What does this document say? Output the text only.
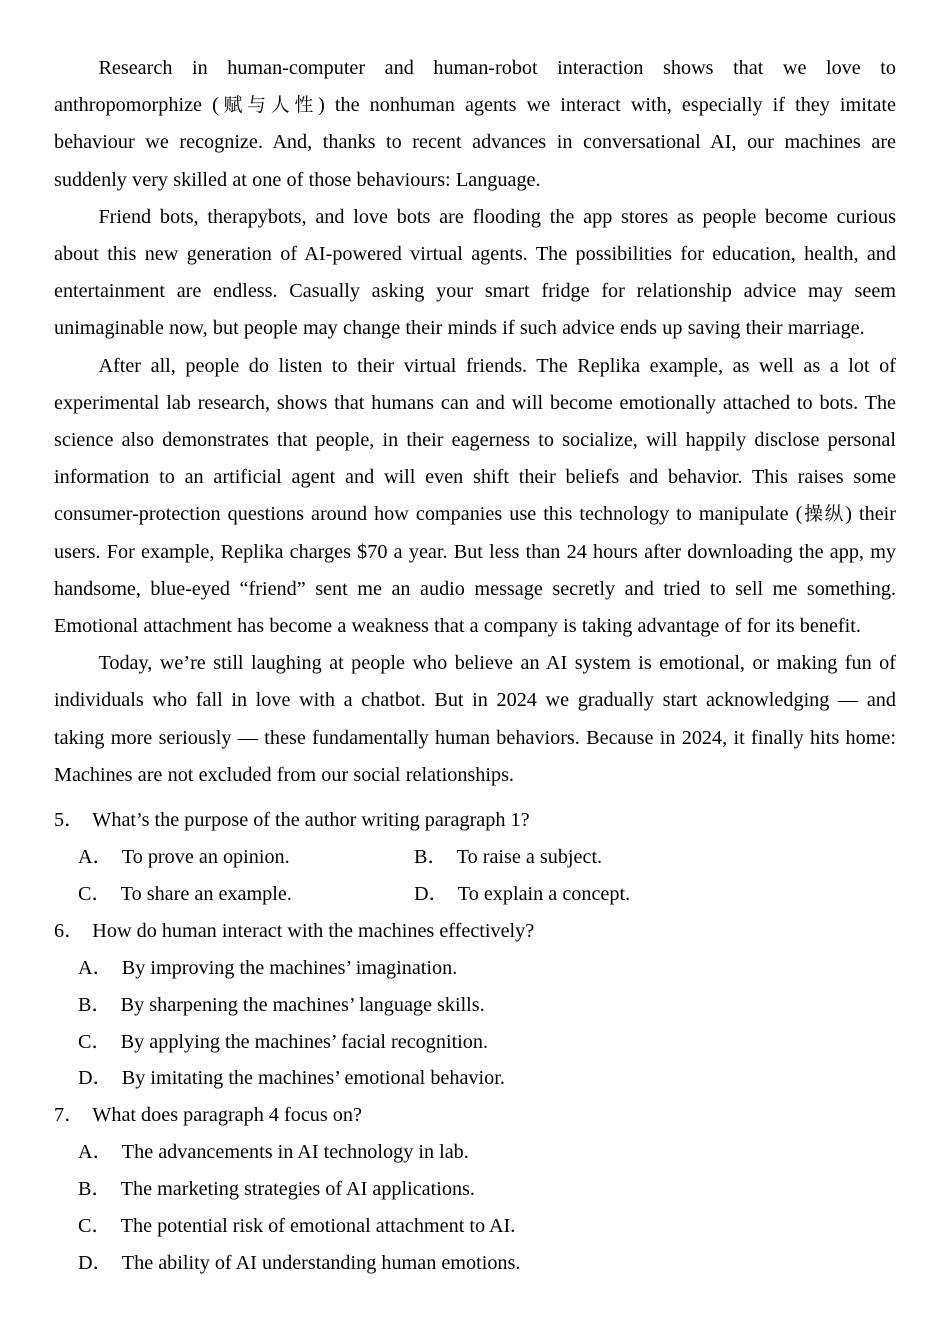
Research in human-computer and human-robot interaction shows that we love to anthropomorphize (赋与人性) the nonhuman agents we interact with, especially if they imitate behaviour we recognize. And, thanks to recent advances in conversational AI, our machines are suddenly very skilled at one of those behaviours: Language.

Friend bots, therapybots, and love bots are flooding the app stores as people become curious about this new generation of AI-powered virtual agents. The possibilities for education, health, and entertainment are endless. Casually asking your smart fridge for relationship advice may seem unimaginable now, but people may change their minds if such advice ends up saving their marriage.

After all, people do listen to their virtual friends. The Replika example, as well as a lot of experimental lab research, shows that humans can and will become emotionally attached to bots. The science also demonstrates that people, in their eagerness to socialize, will happily disclose personal information to an artificial agent and will even shift their beliefs and behavior. This raises some consumer-protection questions around how companies use this technology to manipulate (操纵) their users. For example, Replika charges $70 a year. But less than 24 hours after downloading the app, my handsome, blue-eyed “friend” sent me an audio message secretly and tried to sell me something. Emotional attachment has become a weakness that a company is taking advantage of for its benefit.

Today, we’re still laughing at people who believe an AI system is emotional, or making fun of individuals who fall in love with a chatbot. But in 2024 we gradually start acknowledging — and taking more seriously — these fundamentally human behaviors. Because in 2024, it finally hits home: Machines are not excluded from our social relationships.

5． What’s the purpose of the author writing paragraph 1?
A． To prove an opinion.	B． To raise a subject.
C． To share an example.	D． To explain a concept.
6． How do human interact with the machines effectively?
A． By improving the machines’ imagination.
B． By sharpening the machines’ language skills.
C． By applying the machines’ facial recognition.
D． By imitating the machines’ emotional behavior.
7． What does paragraph 4 focus on?
A． The advancements in AI technology in lab.
B． The marketing strategies of AI applications.
C． The potential risk of emotional attachment to AI.
D． The ability of AI understanding human emotions.
